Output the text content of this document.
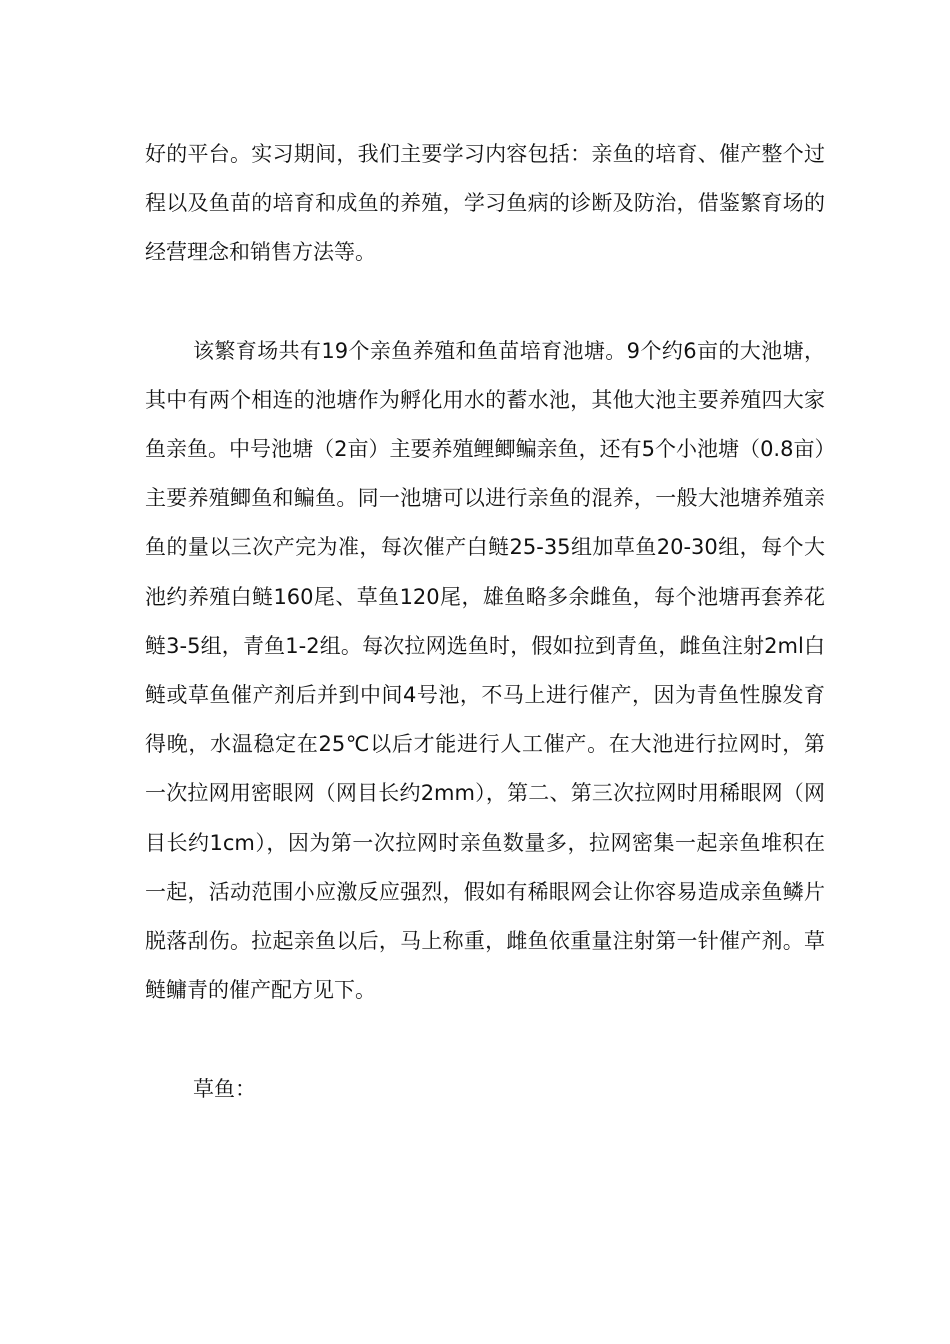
好的平台。实习期间，我们主要学习内容包括：亲鱼的培育、催产整个过程以及鱼苗的培育和成鱼的养殖，学习鱼病的诊断及防治，借鉴繁育场的经营理念和销售方法等。

该繁育场共有19个亲鱼养殖和鱼苗培育池塘。9个约6亩的大池塘，其中有两个相连的池塘作为孵化用水的蓄水池，其他大池主要养殖四大家鱼亲鱼。中号池塘（2亩）主要养殖鲤鲫鳊亲鱼，还有5个小池塘（0.8亩）主要养殖鲫鱼和鳊鱼。同一池塘可以进行亲鱼的混养，一般大池塘养殖亲鱼的量以三次产完为准，每次催产白鲢25-35组加草鱼20-30组，每个大池约养殖白鲢160尾、草鱼120尾，雄鱼略多余雌鱼，每个池塘再套养花鲢3-5组，青鱼1-2组。每次拉网选鱼时，假如拉到青鱼，雌鱼注射2ml白鲢或草鱼催产剂后并到中间4号池，不马上进行催产，因为青鱼性腺发育得晚，水温稳定在25℃以后才能进行人工催产。在大池进行拉网时，第一次拉网用密眼网（网目长约2mm），第二、第三次拉网时用稀眼网（网目长约1cm），因为第一次拉网时亲鱼数量多，拉网密集一起亲鱼堆积在一起，活动范围小应激反应强烈，假如有稀眼网会让你容易造成亲鱼鳞片脱落刮伤。拉起亲鱼以后，马上称重，雌鱼依重量注射第一针催产剂。草鲢鳙青的催产配方见下。

草鱼：
